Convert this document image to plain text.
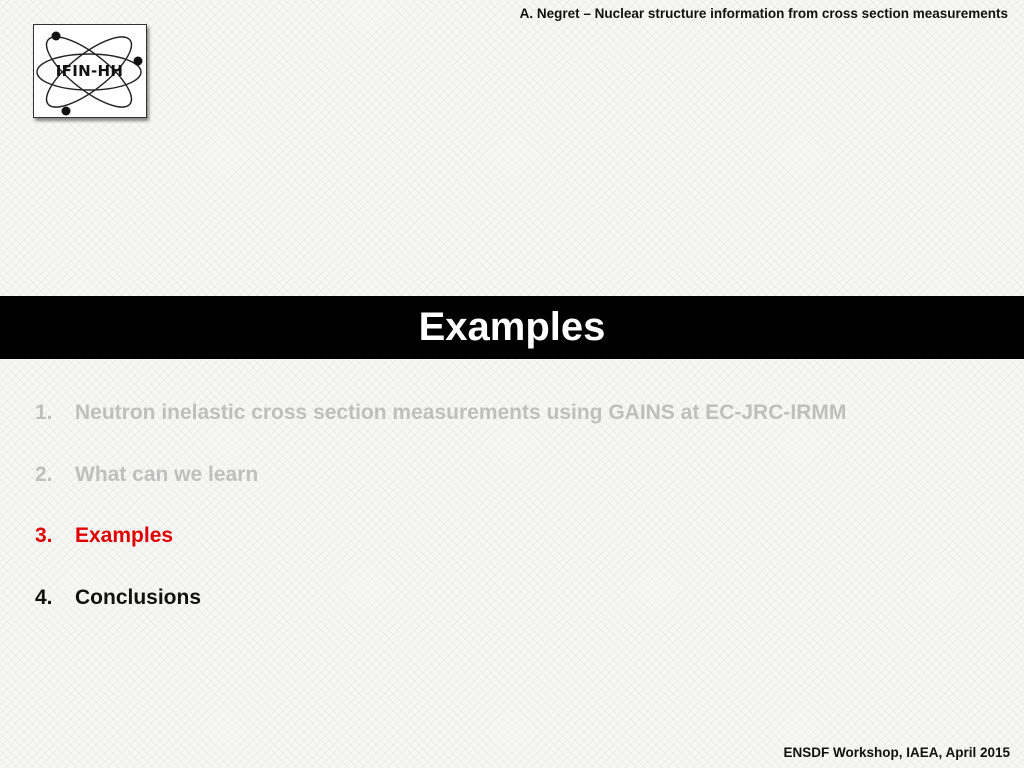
A. Negret – Nuclear structure information from cross section measurements
IFIN-HH
Examples
1. Neutron inelastic cross section measurements using GAINS at EC-JRC-IRMM
2. What can we learn
3. Examples
4. Conclusions
ENSDF Workshop, IAEA, April 2015
